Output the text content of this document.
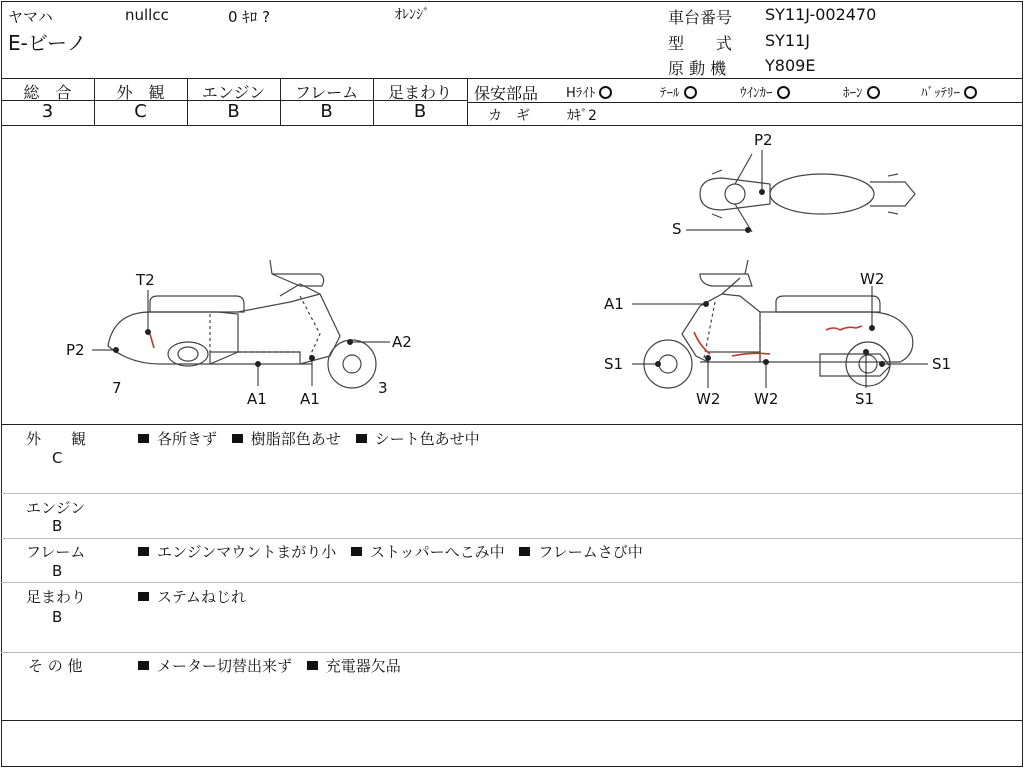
ヤマハ	nullcc	0 ｷﾛ ?	ｵﾚﾝｼﾞ
E-ビーノ
車台番号 SY11J-002470
型　　式 SY11J
原 動 機 Y809E
総　合	外　観	エンジン	フレーム	足まわり
3	C	B	B	B
保安部品 Hﾗｲﾄ	ﾃｰﾙ	ｳｲﾝｶｰ	ﾎｰﾝ	ﾊﾞｯﾃﾘｰ
カ　ギ	ｶｷﾞ2
T2
P2
7
A1 A1
A2
3
P2
S
A1
W2
S1
W2 W2	S1
S1
外　　観
C
各所きず 樹脂部色あせ シート色あせ中
エンジン
B
フレーム
B
エンジンマウントまがり小 ストッパーへこみ中 フレームさび中
足まわり
B
ステムねじれ
そ の 他	メーター切替出来ず 充電器欠品
